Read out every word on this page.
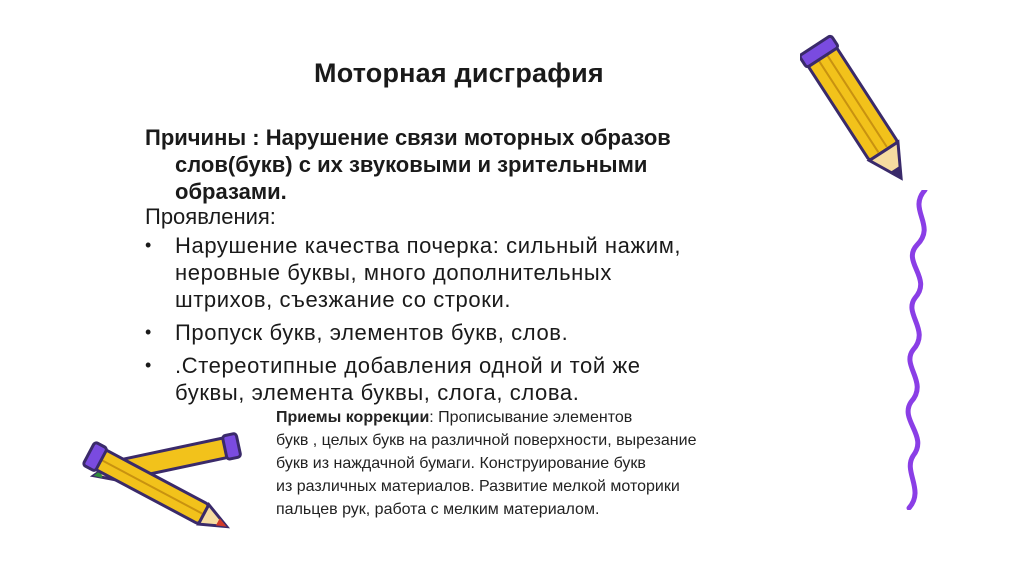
Моторная дисграфия
Причины : Нарушение связи моторных образов
слов(букв) с их звуковыми и зрительными
образами.
Проявления:
• Нарушение качества почерка: сильный нажим,
неровные буквы, много дополнительных
штрихов, съезжание со строки.
• Пропуск букв, элементов букв, слов.
• .Стереотипные добавления одной и той же
буквы, элемента буквы, слога, слова.
Приемы коррекции: Прописывание элементов
букв , целых букв на различной поверхности, вырезание
букв из наждачной бумаги. Конструирование букв
из различных материалов. Развитие мелкой моторики
пальцев рук, работа с мелким материалом.
